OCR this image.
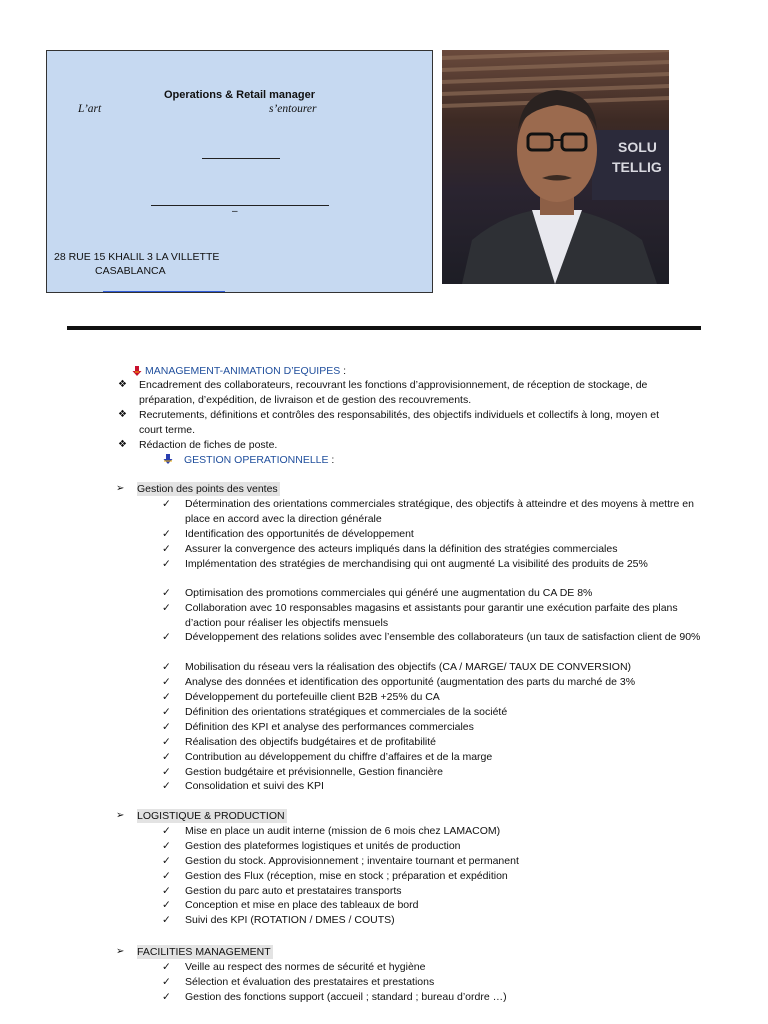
Operations & Retail manager
L’art	s’entourer
–
28 RUE 15 KHALIL 3 LA VILLETTE
CASABLANCA
SOLU
TELLIG
MANAGEMENT-ANIMATION D’EQUIPES :
❖ Encadrement des collaborateurs, recouvrant les fonctions d’approvisionnement, de réception de stockage, de préparation, d’expédition, de livraison et de gestion des recouvrements.
❖ Recrutements, définitions et contrôles des responsabilités, des objectifs individuels et collectifs à long, moyen et court terme.
❖ Rédaction de fiches de poste.
GESTION OPERATIONNELLE :
➢ Gestion des points des ventes
✓ Détermination des orientations commerciales stratégique, des objectifs à atteindre et des moyens à mettre en place en accord avec la direction générale
✓ Identification des opportunités de développement
✓ Assurer la convergence des acteurs impliqués dans la définition des stratégies commerciales
✓ Implémentation des stratégies de merchandising qui ont augmenté La visibilité des produits de 25%
✓ Optimisation des promotions commerciales qui généré une augmentation du CA DE 8%
✓ Collaboration avec 10 responsables magasins et assistants pour garantir une exécution parfaite des plans d’action pour réaliser les objectifs mensuels
✓ Développement des relations solides avec l’ensemble des collaborateurs (un taux de satisfaction client de 90%
✓ Mobilisation du réseau vers la réalisation des objectifs (CA / MARGE/ TAUX DE CONVERSION)
✓ Analyse des données et identification des opportunité (augmentation des parts du marché de 3%
✓ Développement du portefeuille client B2B +25% du CA
✓ Définition des orientations stratégiques et commerciales de la société
✓ Définition des KPI et analyse des performances commerciales
✓ Réalisation des objectifs budgétaires et de profitabilité
✓ Contribution au développement du chiffre d’affaires et de la marge
✓ Gestion budgétaire et prévisionnelle, Gestion financière
✓ Consolidation et suivi des KPI
➢ LOGISTIQUE & PRODUCTION
✓ Mise en place un audit interne (mission de 6 mois chez LAMACOM)
✓ Gestion des plateformes logistiques et unités de production
✓ Gestion du stock. Approvisionnement ; inventaire tournant et permanent
✓ Gestion des Flux (réception, mise en stock ; préparation et expédition
✓ Gestion du parc auto et prestataires transports
✓ Conception et mise en place des tableaux de bord
✓ Suivi des KPI (ROTATION / DMES / COUTS)
➢ FACILITIES MANAGEMENT
✓ Veille au respect des normes de sécurité et hygiène
✓ Sélection et évaluation des prestataires et prestations
✓ Gestion des fonctions support (accueil ; standard ; bureau d’ordre …)
